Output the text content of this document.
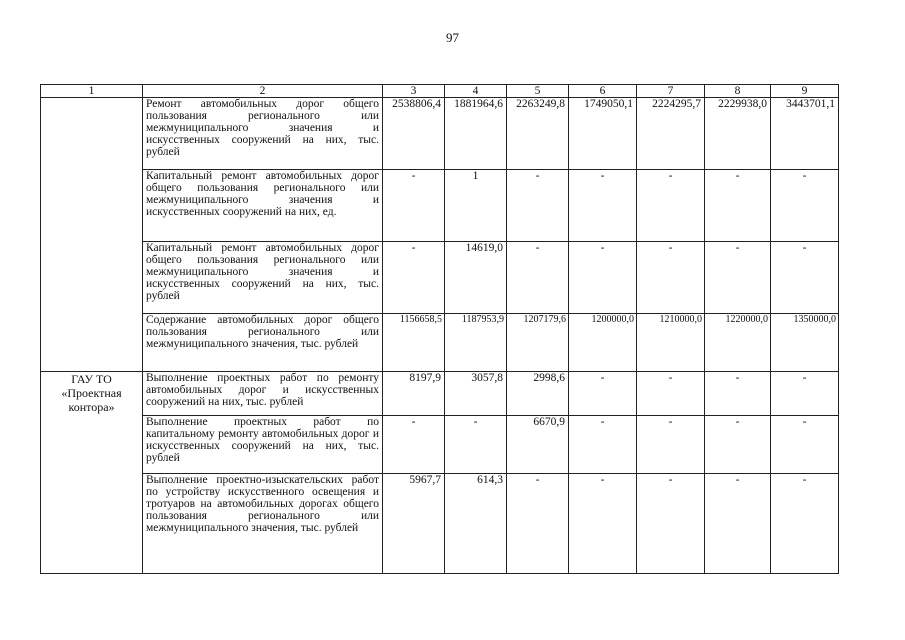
97
1	2	3	4	5	6	7	8	9
	Ремонт автомобильных дорог общего пользования регионального или межмуниципального значения и искусственных сооружений на них, тыс. рублей	2538806,4	1881964,6	2263249,8	1749050,1	2224295,7	2229938,0	3443701,1
	Капитальный ремонт автомобильных дорог общего пользования регионального или межмуниципального значения и искусственных сооружений на них, ед.	-	1	-	-	-	-	-
	Капитальный ремонт автомобильных дорог общего пользования регионального или межмуниципального значения и искусственных сооружений на них, тыс. рублей	-	14619,0	-	-	-	-	-
	Содержание автомобильных дорог общего пользования регионального или межмуниципального значения, тыс. рублей	1156658,5	1187953,9	1207179,6	1200000,0	1210000,0	1220000,0	1350000,0
ГАУ ТО «Проектная контора»	Выполнение проектных работ по ремонту автомобильных дорог и искусственных сооружений на них, тыс. рублей	8197,9	3057,8	2998,6	-	-	-	-
	Выполнение проектных работ по капитальному ремонту автомобильных дорог и искусственных сооружений на них, тыс. рублей	-	-	6670,9	-	-	-	-
	Выполнение проектно-изыскательских работ по устройству искусственного освещения и тротуаров на автомобильных дорогах общего пользования регионального или межмуниципального значения, тыс. рублей	5967,7	614,3	-	-	-	-	-
